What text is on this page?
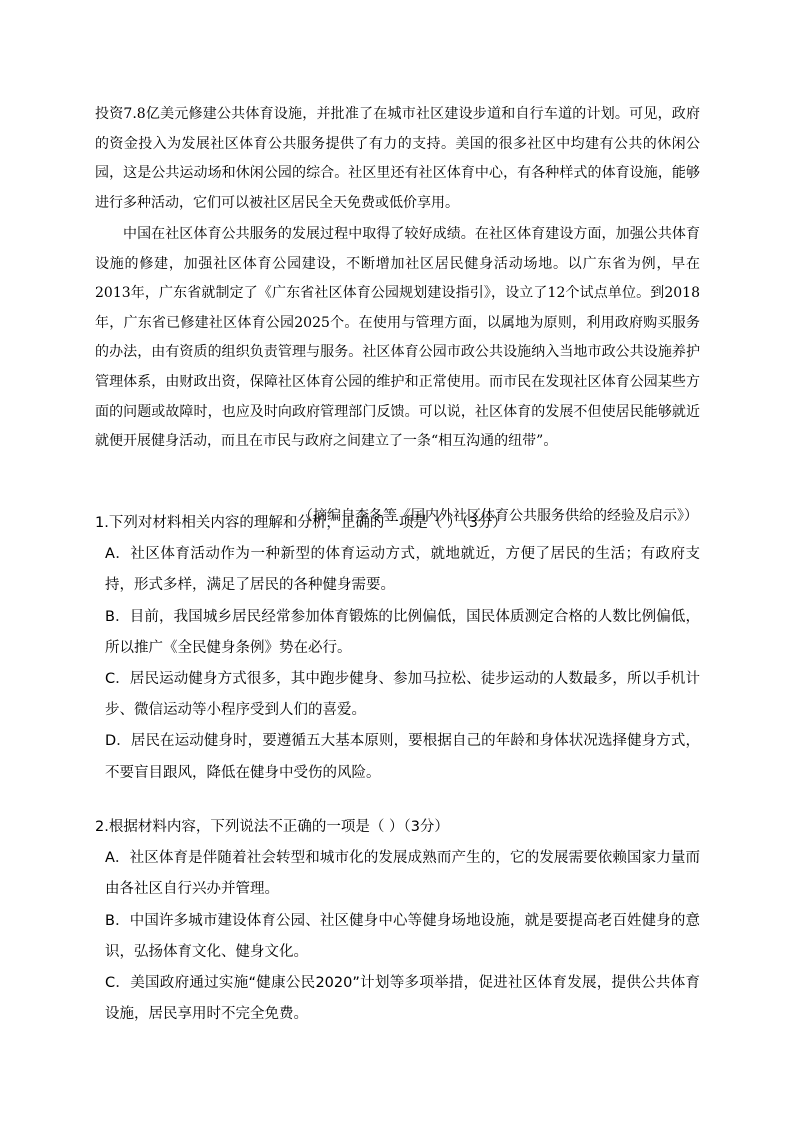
投资7.8亿美元修建公共体育设施，并批准了在城市社区建设步道和自行车道的计划。可见，政府的资金投入为发展社区体育公共服务提供了有力的支持。美国的很多社区中均建有公共的休闲公园，这是公共运动场和休闲公园的综合。社区里还有社区体育中心，有各种样式的体育设施，能够进行多种活动，它们可以被社区居民全天免费或低价享用。

中国在社区体育公共服务的发展过程中取得了较好成绩。在社区体育建设方面，加强公共体育设施的修建，加强社区体育公园建设，不断增加社区居民健身活动场地。以广东省为例，早在2013年，广东省就制定了《广东省社区体育公园规划建设指引》，设立了12个试点单位。到2018年，广东省已修建社区体育公园2025个。在使用与管理方面，以属地为原则，利用政府购买服务的办法，由有资质的组织负责管理与服务。社区体育公园市政公共设施纳入当地市政公共设施养护管理体系，由财政出资，保障社区体育公园的维护和正常使用。而市民在发现社区体育公园某些方面的问题或故障时，也应及时向政府管理部门反馈。可以说，社区体育的发展不但使居民能够就近就便开展健身活动，而且在市民与政府之间建立了一条“相互沟通的纽带”。

（摘编自李冬等《国内外社区体育公共服务供给的经验及启示》）

1.下列对材料相关内容的理解和分析，正确的一项是（ ）（3分）

A．社区体育活动作为一种新型的体育运动方式，就地就近，方便了居民的生活；有政府支持，形式多样，满足了居民的各种健身需要。

B．目前，我国城乡居民经常参加体育锻炼的比例偏低，国民体质测定合格的人数比例偏低，所以推广《全民健身条例》势在必行。

C．居民运动健身方式很多，其中跑步健身、参加马拉松、徒步运动的人数最多，所以手机计步、微信运动等小程序受到人们的喜爱。

D．居民在运动健身时，要遵循五大基本原则，要根据自己的年龄和身体状况选择健身方式，不要盲目跟风，降低在健身中受伤的风险。

2.根据材料内容，下列说法不正确的一项是（ ）（3分）

A．社区体育是伴随着社会转型和城市化的发展成熟而产生的，它的发展需要依赖国家力量而由各社区自行兴办并管理。

B．中国许多城市建设体育公园、社区健身中心等健身场地设施，就是要提高老百姓健身的意识，弘扬体育文化、健身文化。

C．美国政府通过实施“健康公民2020”计划等多项举措，促进社区体育发展，提供公共体育设施，居民享用时不完全免费。
